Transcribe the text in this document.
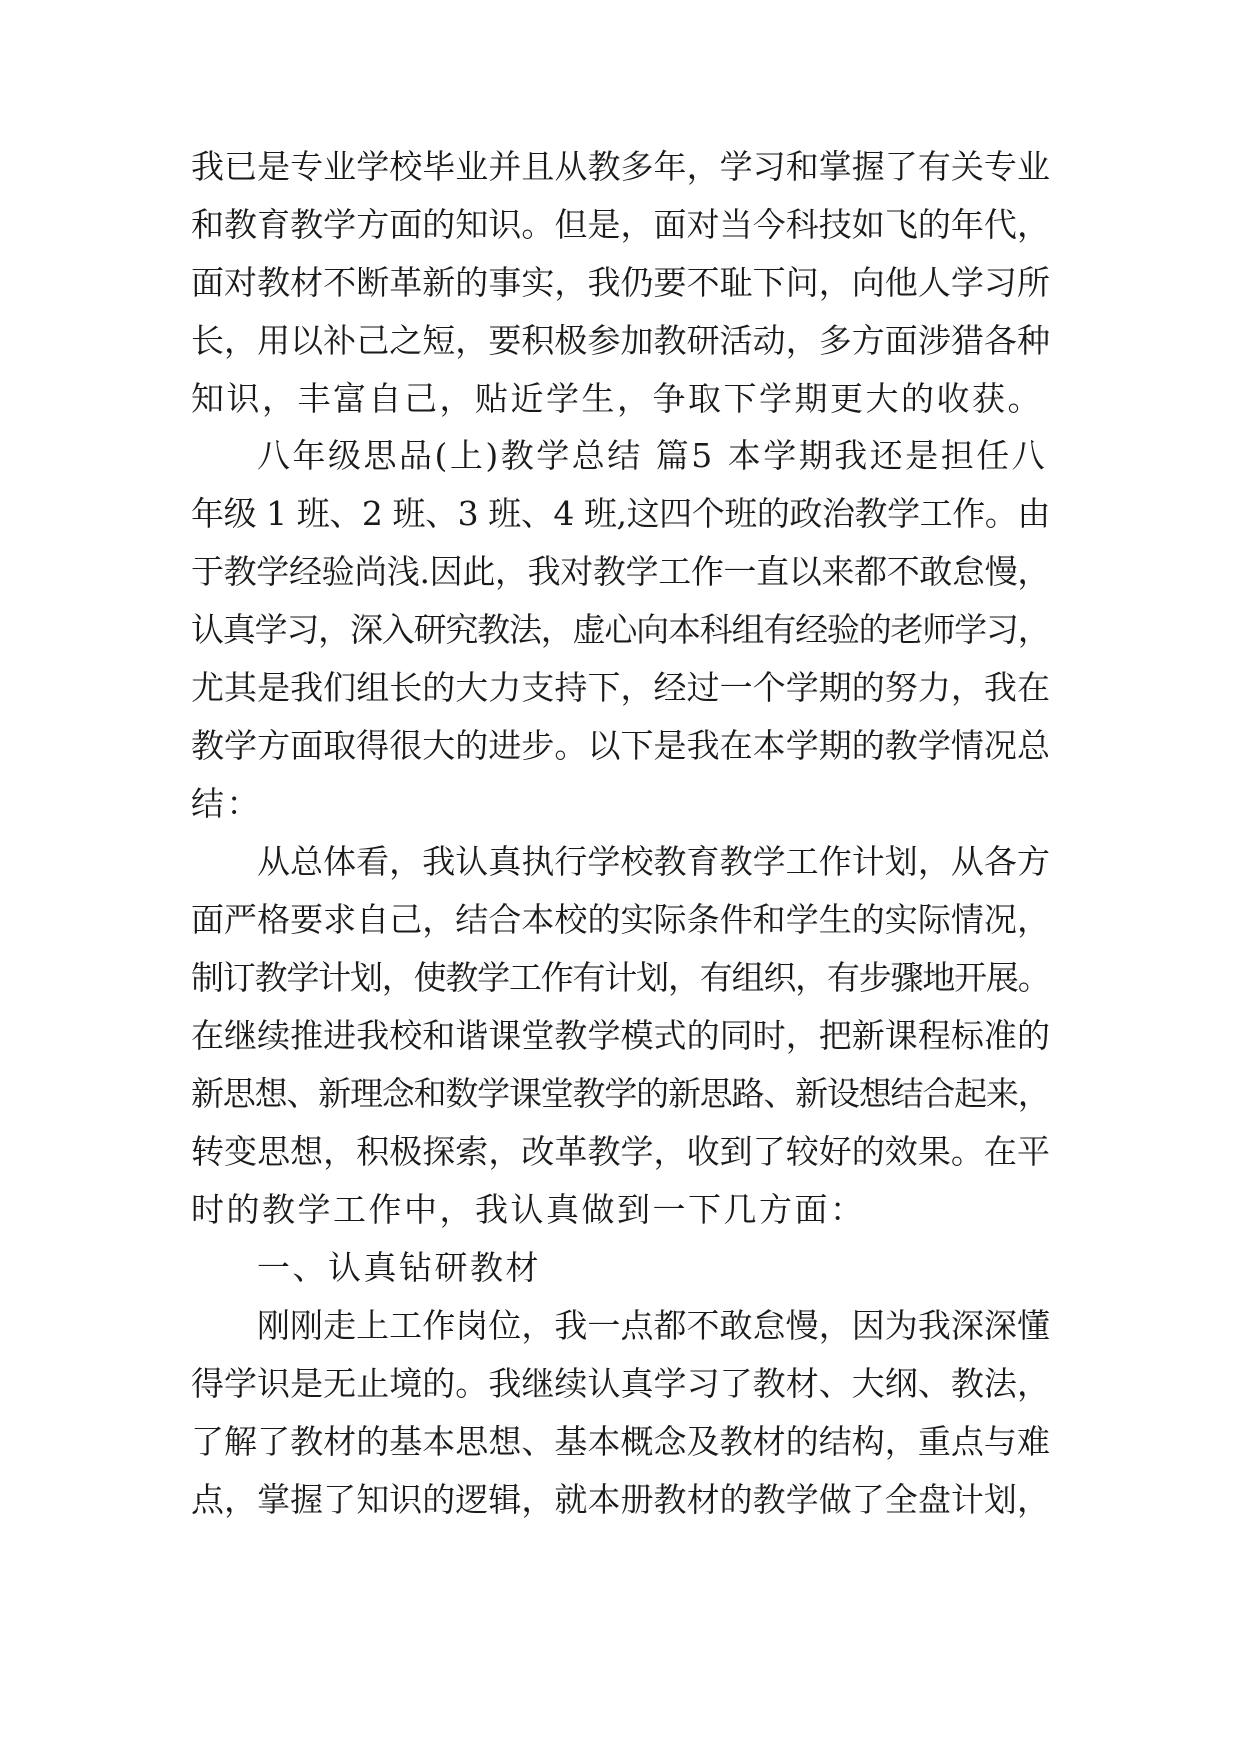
我已是专业学校毕业并且从教多年，学习和掌握了有关专业
和教育教学方面的知识。但是，面对当今科技如飞的年代，
面对教材不断革新的事实，我仍要不耻下问，向他人学习所
长，用以补己之短，要积极参加教研活动，多方面涉猎各种
知识，丰富自己，贴近学生，争取下学期更大的收获。
八年级思品(上)教学总结 篇5 本学期我还是担任八
年级 1 班、2 班、3 班、4 班,这四个班的政治教学工作。由
于教学经验尚浅.因此，我对教学工作一直以来都不敢怠慢，
认真学习，深入研究教法，虚心向本科组有经验的老师学习，
尤其是我们组长的大力支持下，经过一个学期的努力，我在
教学方面取得很大的进步。以下是我在本学期的教学情况总
结：
从总体看，我认真执行学校教育教学工作计划，从各方
面严格要求自己，结合本校的实际条件和学生的实际情况，
制订教学计划，使教学工作有计划，有组织，有步骤地开展。
在继续推进我校和谐课堂教学模式的同时，把新课程标准的
新思想、新理念和数学课堂教学的新思路、新设想结合起来，
转变思想，积极探索，改革教学，收到了较好的效果。在平
时的教学工作中，我认真做到一下几方面：
一、认真钻研教材
刚刚走上工作岗位，我一点都不敢怠慢，因为我深深懂
得学识是无止境的。我继续认真学习了教材、大纲、教法，
了解了教材的基本思想、基本概念及教材的结构，重点与难
点，掌握了知识的逻辑，就本册教材的教学做了全盘计划，
